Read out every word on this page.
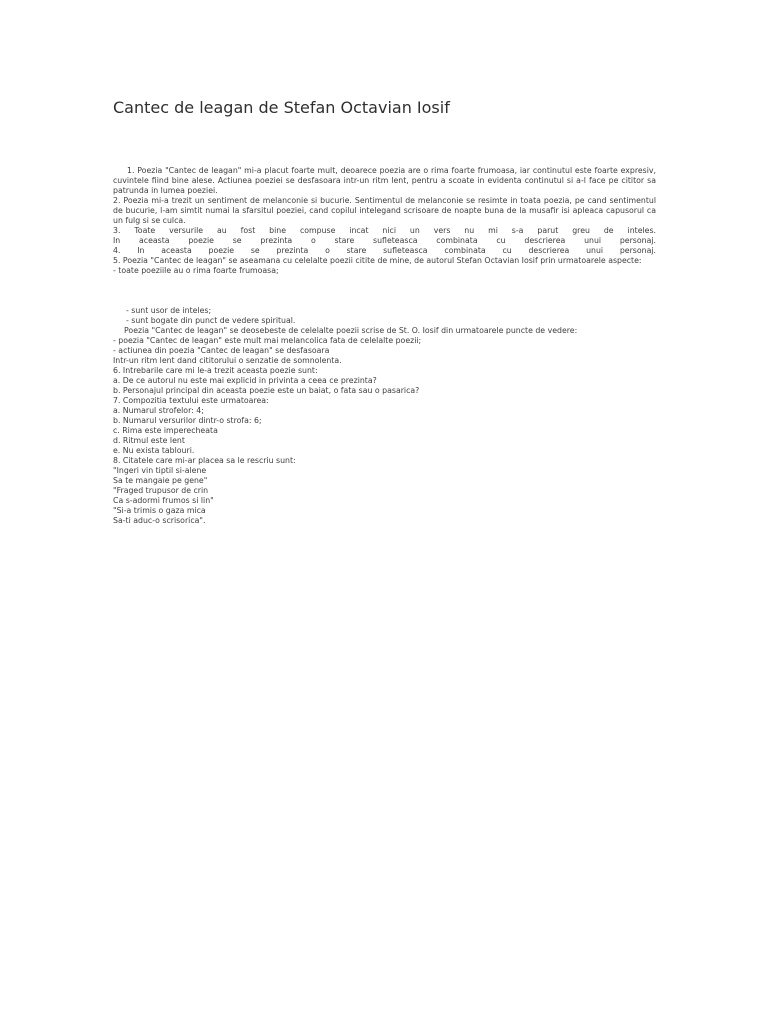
Cantec de leagan de Stefan Octavian Iosif

1. Poezia "Cantec de leagan" mi-a placut foarte mult, deoarece poezia are o rima foarte frumoasa, iar continutul este foarte expresiv, cuvintele fiind bine alese. Actiunea poeziei se desfasoara intr-un ritm lent, pentru a scoate in evidenta continutul si a-l face pe cititor sa patrunda in lumea poeziei.

2. Poezia mi-a trezit un sentiment de melanconie si bucurie. Sentimentul de melanconie se resimte in toata poezia, pe cand sentimentul de bucurie, l-am simtit numai la sfarsitul poeziei, cand copilul intelegand scrisoare de noapte buna de la musafir isi apleaca capusorul ca un fulg si se culca.

3. Toate versurile au fost bine compuse incat nici un vers nu mi s-a parut greu de inteles.

In aceasta poezie se prezinta o stare sufleteasca combinata cu descrierea unui personaj.

4. In aceasta poezie se prezinta o stare sufleteasca combinata cu descrierea unui personaj.

5. Poezia "Cantec de leagan" se aseamana cu celelalte poezii citite de mine, de autorul Stefan Octavian Iosif prin urmatoarele aspecte:

- toate poeziile au o rima foarte frumoasa;

- sunt usor de inteles;

- sunt bogate din punct de vedere spiritual.

Poezia "Cantec de leagan" se deosebeste de celelalte poezii scrise de St. O. Iosif din urmatoarele puncte de vedere:

- poezia "Cantec de leagan" este mult mai melancolica fata de celelalte poezii;

- actiunea din poezia "Cantec de leagan" se desfasoara

Intr-un ritm lent dand cititorului o senzatie de somnolenta.

6. Intrebarile care mi le-a trezit aceasta poezie sunt:

a. De ce autorul nu este mai explicid in privinta a ceea ce prezinta?

b. Personajul principal din aceasta poezie este un baiat, o fata sau o pasarica?

7. Compozitia textului este urmatoarea:

a. Numarul strofelor: 4;

b. Numarul versurilor dintr-o strofa: 6;

c. Rima este imperecheata

d. Ritmul este lent

e. Nu exista tablouri.

8. Citatele care mi-ar placea sa le rescriu sunt:

"Ingeri vin tiptil si-alene

Sa te mangaie pe gene"

"Fraged trupusor de crin

Ca s-adormi frumos si lin"

"Si-a trimis o gaza mica

Sa-ti aduc-o scrisorica".
